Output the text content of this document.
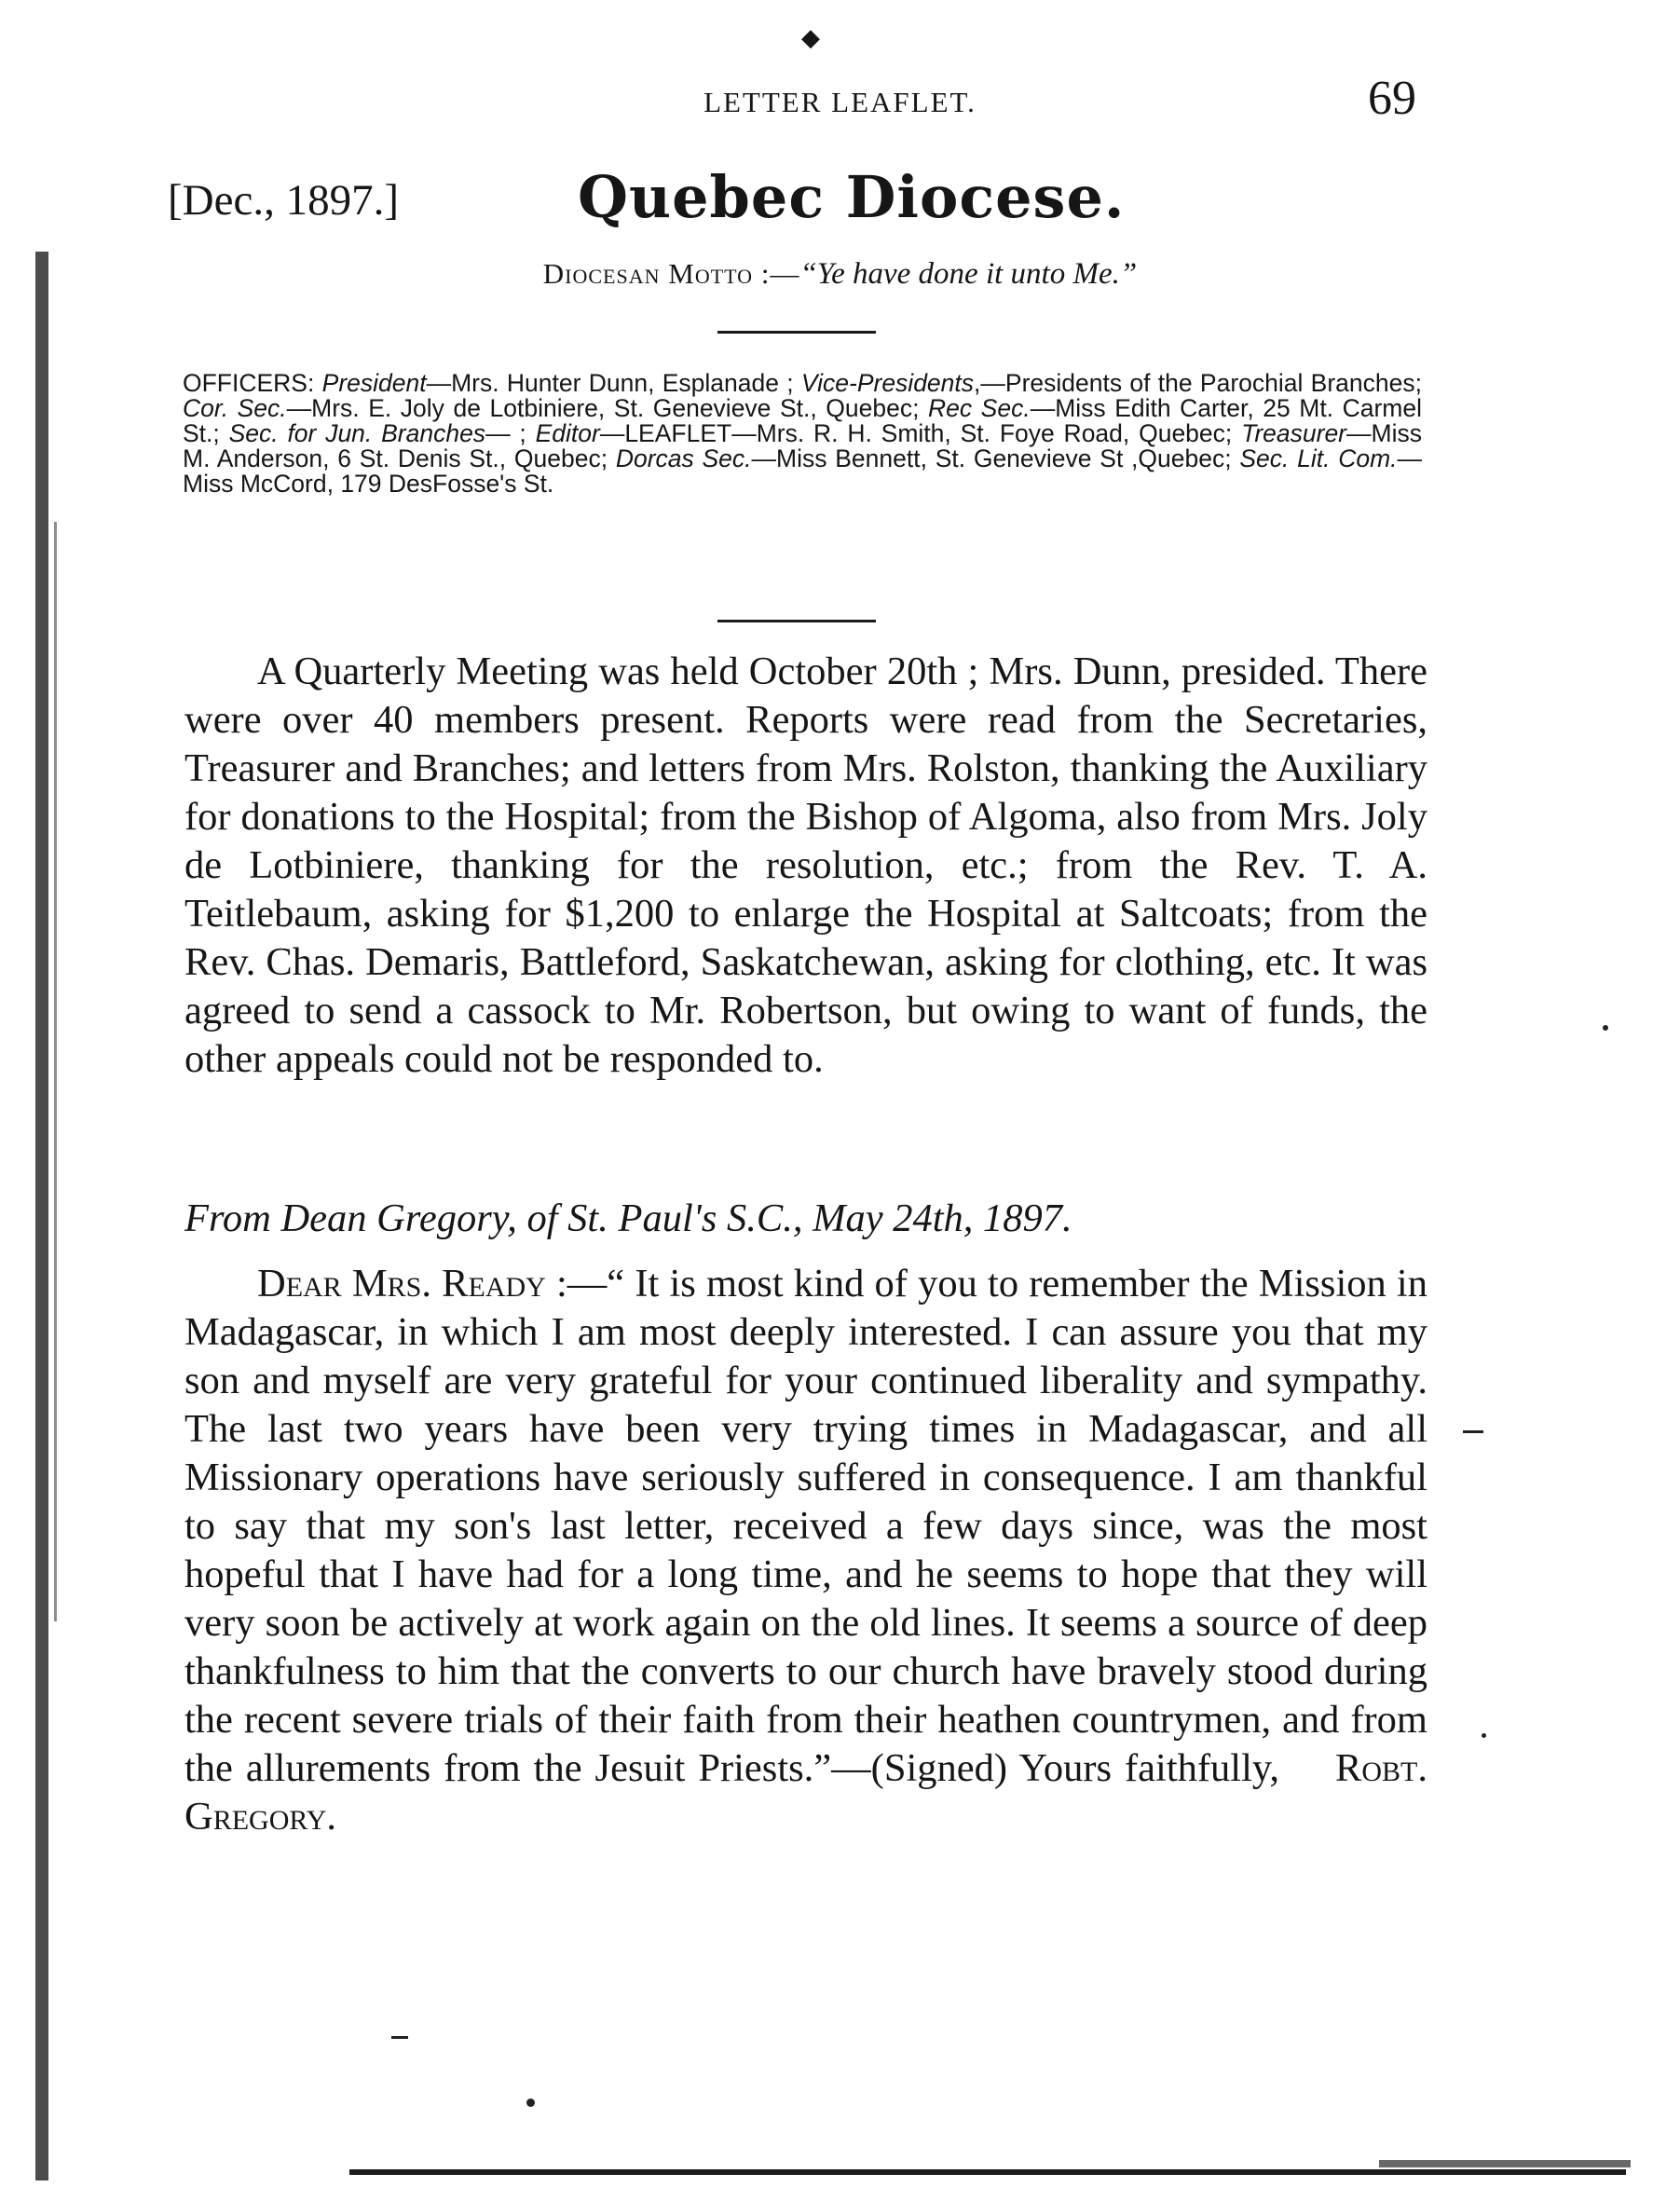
◆
LETTER LEAFLET.	69
[Dec., 1897.]	Quebec Diocese.
Diocesan Motto :—“Ye have done it unto Me.”
OFFICERS: President—Mrs. Hunter Dunn, Esplanade ; Vice-Presidents,—Presidents of the Parochial Branches; Cor. Sec.—Mrs. E. Joly de Lotbiniere, St. Genevieve St., Quebec; Rec Sec.—Miss Edith Carter, 25 Mt. Carmel St.; Sec. for Jun. Branches— ; Editor—LEAFLET—Mrs. R. H. Smith, St. Foye Road, Quebec; Treasurer—Miss M. Anderson, 6 St. Denis St., Quebec; Dorcas Sec.—Miss Bennett, St. Genevieve St ,Quebec; Sec. Lit. Com.—Miss McCord, 179 DesFosse's St.

A Quarterly Meeting was held October 20th ; Mrs. Dunn, presided. There were over 40 members present. Reports were read from the Secretaries, Treasurer and Branches; and letters from Mrs. Rolston, thanking the Auxiliary for donations to the Hospital; from the Bishop of Algoma, also from Mrs. Joly de Lotbiniere, thanking for the resolution, etc.; from the Rev. T. A. Teitlebaum, asking for $1,200 to enlarge the Hospital at Saltcoats; from the Rev. Chas. Demaris, Battleford, Saskatchewan, asking for clothing, etc. It was agreed to send a cassock to Mr. Robertson, but owing to want of funds, the other appeals could not be responded to.

From Dean Gregory, of St. Paul's S.C., May 24th, 1897.

Dear Mrs. Ready :—“ It is most kind of you to remember the Mission in Madagascar, in which I am most deeply interested. I can assure you that my son and myself are very grateful for your continued liberality and sympathy. The last two years have been very trying times in Madagascar, and all Missionary operations have seriously suffered in consequence. I am thankful to say that my son's last letter, received a few days since, was the most hopeful that I have had for a long time, and he seems to hope that they will very soon be actively at work again on the old lines. It seems a source of deep thankfulness to him that the converts to our church have bravely stood during the recent severe trials of their faith from their heathen countrymen, and from the allurements from the Jesuit Priests.”—(Signed) Yours faithfully, Robt. Gregory.
